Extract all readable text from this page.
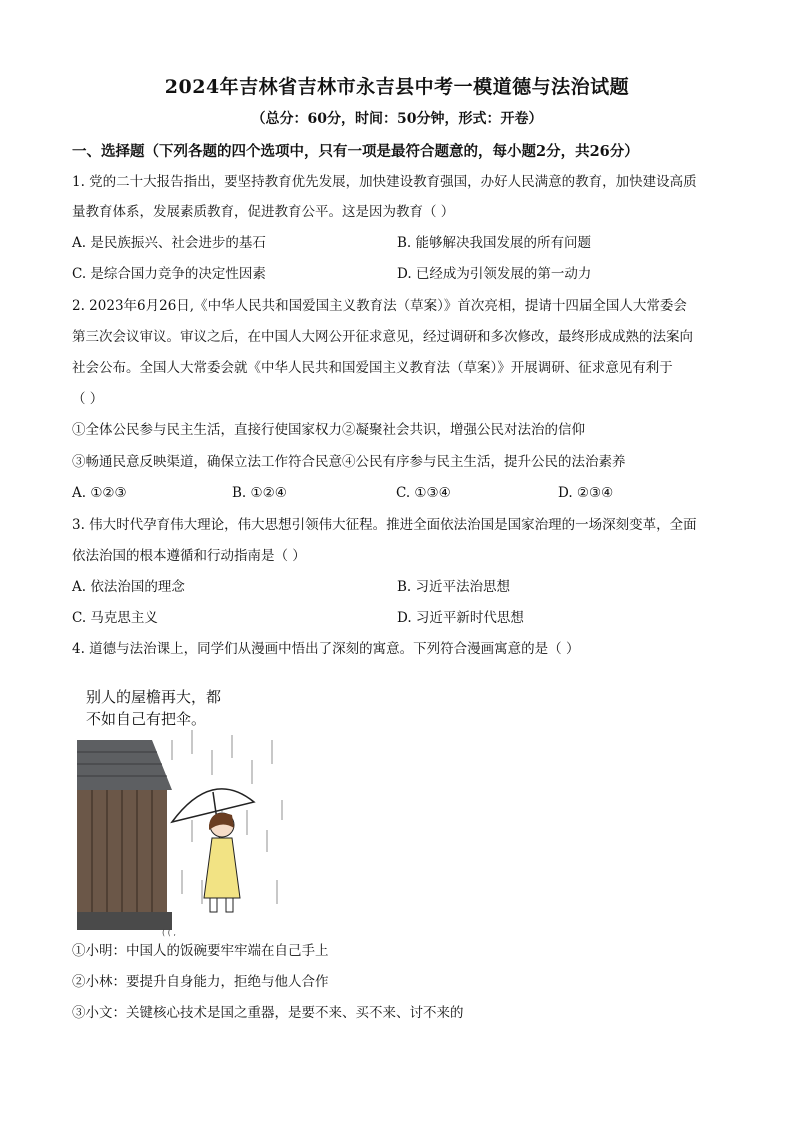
2024年吉林省吉林市永吉县中考一模道德与法治试题
（总分：60分，时间：50分钟，形式：开卷）
一、选择题（下列各题的四个选项中，只有一项是最符合题意的，每小题2分，共26分）
1. 党的二十大报告指出，要坚持教育优先发展，加快建设教育强国，办好人民满意的教育，加快建设高质
量教育体系，发展素质教育，促进教育公平。这是因为教育（ ）
A. 是民族振兴、社会进步的基石	B. 能够解决我国发展的所有问题
C. 是综合国力竞争的决定性因素	D. 已经成为引领发展的第一动力
2. 2023年6月26日,《中华人民共和国爱国主义教育法（草案）》首次亮相，提请十四届全国人大常委会
第三次会议审议。审议之后，在中国人大网公开征求意见，经过调研和多次修改，最终形成成熟的法案向
社会公布。全国人大常委会就《中华人民共和国爱国主义教育法（草案）》开展调研、征求意见有利于
（ ）
①全体公民参与民主生活，直接行使国家权力②凝聚社会共识，增强公民对法治的信仰
③畅通民意反映渠道，确保立法工作符合民意④公民有序参与民主生活，提升公民的法治素养
A. ①②③	B. ①②④	C. ①③④	D. ②③④
3. 伟大时代孕育伟大理论，伟大思想引领伟大征程。推进全面依法治国是国家治理的一场深刻变革，全面
依法治国的根本遵循和行动指南是（ ）
A. 依法治国的理念	B. 习近平法治思想
C. 马克思主义	D. 习近平新时代思想
4. 道德与法治课上，同学们从漫画中悟出了深刻的寓意。下列符合漫画寓意的是（ ）
别人的屋檐再大，都
不如自己有把伞。
( ( ,
①小明：中国人的饭碗要牢牢端在自己手上
②小林：要提升自身能力，拒绝与他人合作
③小文：关键核心技术是国之重器，是要不来、买不来、讨不来的
